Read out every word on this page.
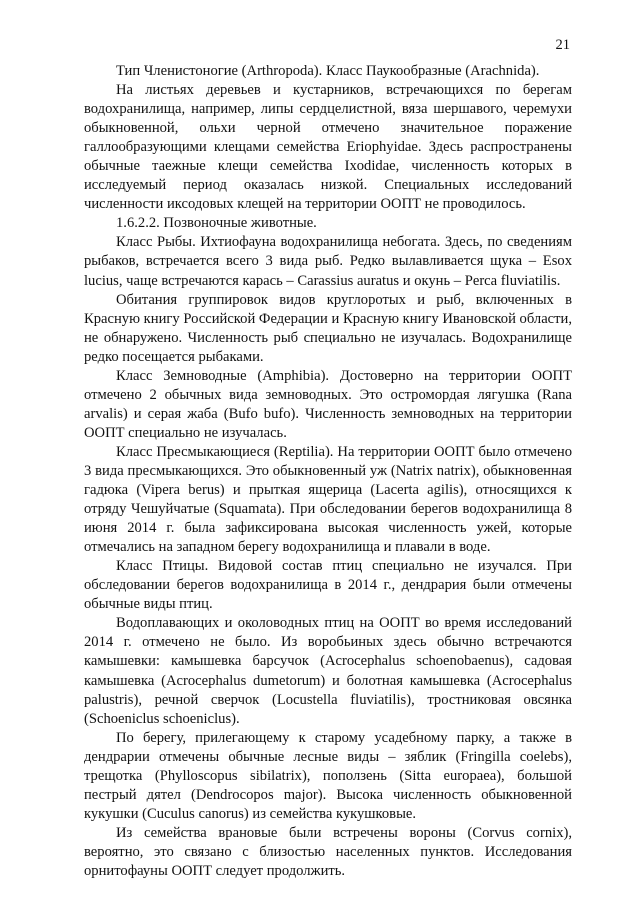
21

Тип Членистоногие (Arthropoda). Класс Паукообразные (Arachnida).

На листьях деревьев и кустарников, встречающихся по берегам водохранилища, например, липы сердцелистной, вяза шершавого, черемухи обыкновенной, ольхи черной отмечено значительное поражение галлообразующими клещами семейства Eriophyidae. Здесь распространены обычные таежные клещи семейства Ixodidae, численность которых в исследуемый период оказалась низкой. Специальных исследований численности иксодовых клещей на территории ООПТ не проводилось.

1.6.2.2. Позвоночные животные.

Класс Рыбы. Ихтиофауна водохранилища небогата. Здесь, по сведениям рыбаков, встречается всего 3 вида рыб. Редко вылавливается щука – Esox lucius, чаще встречаются карась – Carassius auratus и окунь – Perca fluviatilis.

Обитания группировок видов круглоротых и рыб, включенных в Красную книгу Российской Федерации и Красную книгу Ивановской области, не обнаружено. Численность рыб специально не изучалась. Водохранилище редко посещается рыбаками.

Класс Земноводные (Amphibia). Достоверно на территории ООПТ отмечено 2 обычных вида земноводных. Это остромордая лягушка (Rana arvalis) и серая жаба (Bufo bufo). Численность земноводных на территории ООПТ специально не изучалась.

Класс Пресмыкающиеся (Reptilia). На территории ООПТ было отмечено 3 вида пресмыкающихся. Это обыкновенный уж (Natrix natrix), обыкновенная гадюка (Vipera berus) и прыткая ящерица (Lacerta agilis), относящихся к отряду Чешуйчатые (Squamata). При обследовании берегов водохранилища 8 июня 2014 г. была зафиксирована высокая численность ужей, которые отмечались на западном берегу водохранилища и плавали в воде.

Класс Птицы. Видовой состав птиц специально не изучался. При обследовании берегов водохранилища в 2014 г., дендрария были отмечены обычные виды птиц.

Водоплавающих и околоводных птиц на ООПТ во время исследований 2014 г. отмечено не было. Из воробьиных здесь обычно встречаются камышевки: камышевка барсучок (Acrocephalus schoenobaenus), садовая камышевка (Acrocephalus dumetorum) и болотная камышевка (Acrocephalus palustris), речной сверчок (Locustella fluviatilis), тростниковая овсянка (Schoeniclus schoeniclus).

По берегу, прилегающему к старому усадебному парку, а также в дендрарии отмечены обычные лесные виды – зяблик (Fringilla coelebs), трещотка (Phylloscopus sibilatrix), поползень (Sitta europaea), большой пестрый дятел (Dendrocopos major). Высока численность обыкновенной кукушки (Cuculus canorus) из семейства кукушковые.

Из семейства врановые были встречены вороны (Corvus cornix), вероятно, это связано с близостью населенных пунктов. Исследования орнитофауны ООПТ следует продолжить.
